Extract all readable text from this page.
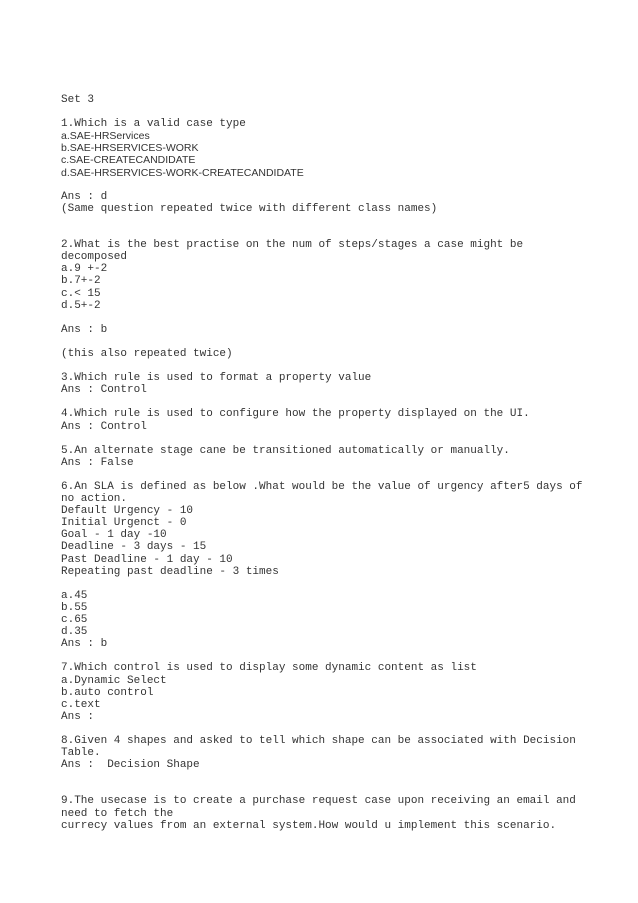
Set 3
1.Which is a valid case type
a.SAE-HRServices
b.SAE-HRSERVICES-WORK
c.SAE-CREATECANDIDATE
d.SAE-HRSERVICES-WORK-CREATECANDIDATE
Ans : d
(Same question repeated twice with different class names)
2.What is the best practise on the num of steps/stages a case might be
decomposed
a.9 +-2
b.7+-2
c.< 15
d.5+-2
Ans : b
(this also repeated twice)
3.Which rule is used to format a property value
Ans : Control
4.Which rule is used to configure how the property displayed on the UI.
Ans : Control
5.An alternate stage cane be transitioned automatically or manually.
Ans : False
6.An SLA is defined as below .What would be the value of urgency after5 days of
no action.
Default Urgency - 10
Initial Urgenct - 0
Goal - 1 day -10
Deadline - 3 days - 15
Past Deadline - 1 day - 10
Repeating past deadline - 3 times
a.45
b.55
c.65
d.35
Ans : b
7.Which control is used to display some dynamic content as list
a.Dynamic Select
b.auto control
c.text
Ans :
8.Given 4 shapes and asked to tell which shape can be associated with Decision
Table.
Ans :  Decision Shape
9.The usecase is to create a purchase request case upon receiving an email and
need to fetch the
currecy values from an external system.How would u implement this scenario.
